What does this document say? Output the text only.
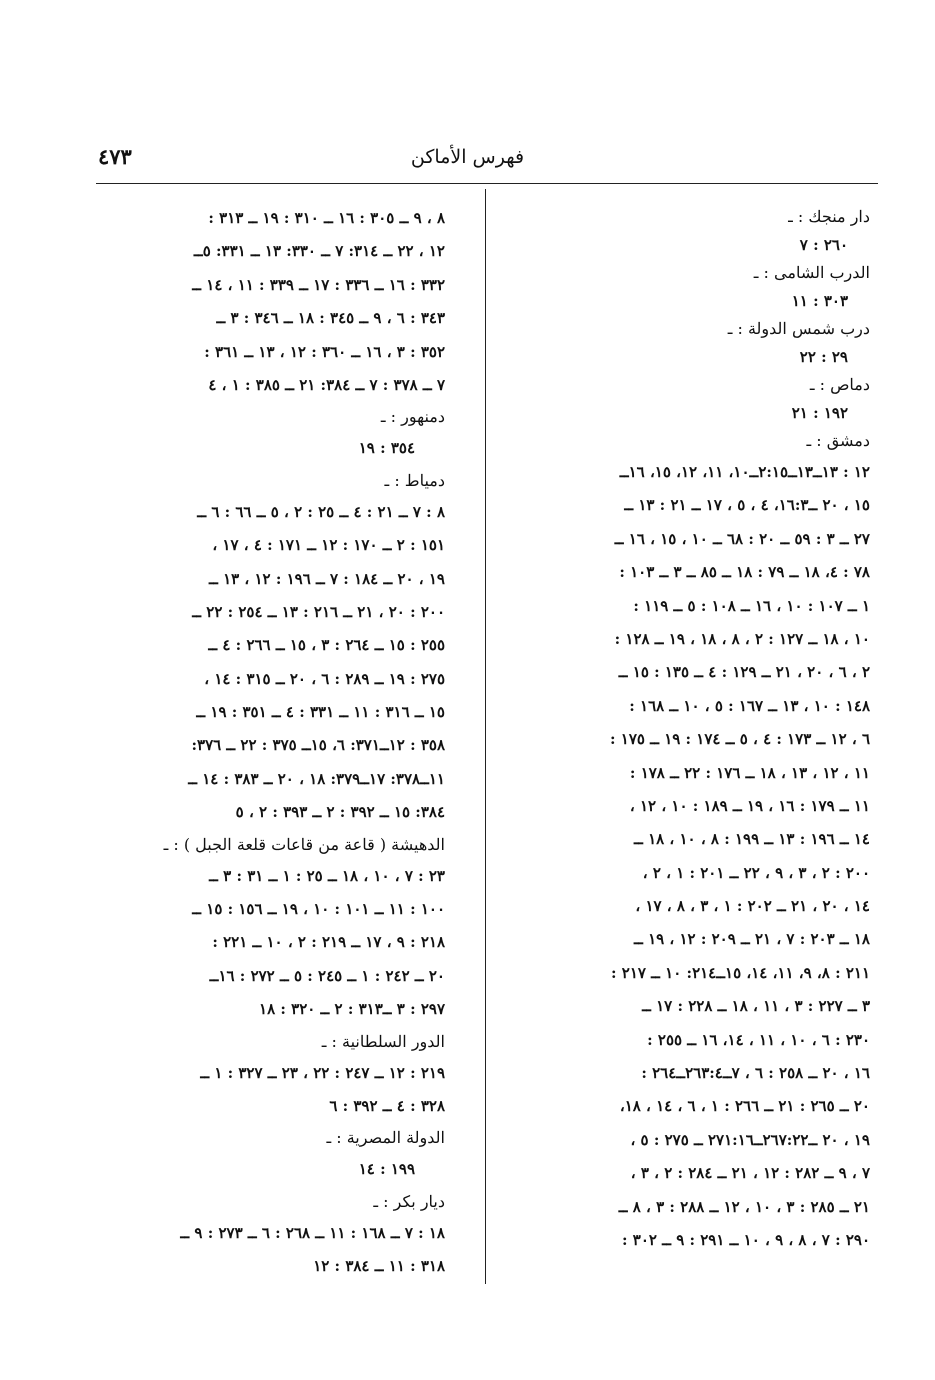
فهرس الأماكن
٤٧٣
دار منجك : ـ
٢٦٠ : ٧
الدرب الشامى : ـ
٣٠٣ : ١١
درب شمس الدولة : ـ
٢٩ : ٢٢
دماص : ـ
١٩٢ : ٢١
دمشق : ـ
١٢ : ١٣ــ١٣ــ٢:١٥ــ١٠، ١١، ١٢، ١٥، ١٦ــ
١٥ ، ٢٠ ــ١٦:٣، ٤ ، ٥ ، ١٧ ــ ٢١ : ١٣ ــ
٢٧ ــ ٣ : ٥٩ ــ ٢٠ : ٦٨ ــ ١٠ ، ١٥ ، ١٦ ــ
٧٨ : ٤، ١٨ ــ ٧٩ : ١٨ ــ ٨٥ ــ ٣ ــ ١٠٣ :
١ ــ ١٠٧ : ١٠ ، ١٦ ــ ١٠٨ : ٥ ــ ١١٩ :
١٠ ، ١٨ ــ ١٢٧ : ٢ ، ٨ ، ١٨ ، ١٩ ــ ١٢٨ :
٢ ، ٦ ، ٢٠ ، ٢١ ــ ١٢٩ : ٤ ــ ١٣٥ : ١٥ ــ
١٤٨ : ١٠ ، ١٣ ــ ١٦٧ : ٥ ، ١٠ ــ ١٦٨ :
٦ ، ١٢ ــ ١٧٣ : ٤ ، ٥ ــ ١٧٤ : ١٩ ــ ١٧٥ :
١١ ، ١٢ ، ١٣ ، ١٨ ــ ١٧٦ : ٢٢ ــ ١٧٨ :
١١ ــ ١٧٩ : ١٦ ، ١٩ ــ ١٨٩ : ١٠ ، ١٢ ،
١٤ ــ ١٩٦ : ١٣ ــ ١٩٩ : ٨ ، ١٠ ، ١٨ ــ
٢٠٠ : ٢ ، ٣ ، ٩ ، ٢٢ ــ ٢٠١ : ١ ، ٢ ،
١٤ ، ٢٠ ، ٢١ ــ ٢٠٢ : ١ ، ٣ ، ٨ ، ١٧ ،
١٨ ــ ٢٠٣ : ٧ ، ٢١ ــ ٢٠٩ : ١٢ ، ١٩ ــ
٢١١ : ٨، ٩، ١١، ١٤، ١٥ــ٢١٤: ١٠ ــ ٢١٧ :
٣ ــ ٢٢٧ : ٣ ، ١١ ، ١٨ ــ ٢٢٨ : ١٧ ــ
٢٣٠ : ٦ ، ١٠ ، ١١ ، ١٤، ١٦ ــ ٢٥٥ :
١٦ ، ٢٠ ــ ٢٥٨ : ٦ ، ٧ــ٢٦٣:٤ــ٢٦٤ :
٢٠ ــ ٢٦٥ : ٢١ ــ ٢٦٦ : ١ ، ٦ ، ١٤ ، ١٨،
١٩ ، ٢٠ ــ٢٦٧:٢٢ــ٢٧١:١٦ ــ ٢٧٥ : ٥ ،
٧ ، ٩ ــ ٢٨٢ : ١٢ ، ٢١ ــ ٢٨٤ : ٢ ، ٣ ،
٢١ ــ ٢٨٥ : ٣ ، ١٠ ، ١٢ ــ ٢٨٨ : ٣ ، ٨ ــ
٢٩٠ : ٧ ، ٨ ، ٩ ، ١٠ ــ ٢٩١ : ٩ ــ ٣٠٢ :
٨ ، ٩ ــ ٣٠٥ : ١٦ ــ ٣١٠ : ١٩ ــ ٣١٣ :
١٢ ، ٢٢ ــ ٣١٤: ٧ ــ ٣٣٠: ١٣ ــ ٣٣١: ٥ــ
٣٣٢ : ١٦ ــ ٣٣٦ : ١٧ ــ ٣٣٩ : ١١ ، ١٤ ــ
٣٤٣ : ٦ ، ٩ ــ ٣٤٥ : ١٨ ــ ٣٤٦ : ٣ ــ
٣٥٢ : ٣ ، ١٦ ــ ٣٦٠ : ١٢ ، ١٣ ــ ٣٦١ :
٧ ــ ٣٧٨ : ٧ ــ ٣٨٤: ٢١ ــ ٣٨٥ : ١ ، ٤
دمنهور : ـ
٣٥٤ : ١٩
دمياط : ـ
٨ : ٧ ــ ٢١ : ٤ ــ ٢٥ : ٢ ، ٥ ــ ٦٦ : ٦ ــ
١٥١ : ٢ ــ ١٧٠ : ١٢ ــ ١٧١ : ٤ ، ١٧ ،
١٩ ، ٢٠ ــ ١٨٤ : ٧ ــ ١٩٦ : ١٢ ، ١٣ ــ
٢٠٠ : ٢٠ ، ٢١ ــ ٢١٦ : ١٣ ــ ٢٥٤ : ٢٢ ــ
٢٥٥ : ١٥ ــ ٢٦٤ : ٣ ، ١٥ ــ ٢٦٦ : ٤ ــ
٢٧٥ : ١٩ ــ ٢٨٩ : ٦ ، ٢٠ ــ ٣١٥ : ١٤ ،
١٥ ــ ٣١٦ : ١١ ــ ٣٣١ : ٤ ــ ٣٥١ : ١٩ ــ
٣٥٨ : ١٢ــ٣٧١: ٦، ١٥ــ ٣٧٥ : ٢٢ ــ ٣٧٦:
١١ــ٣٧٨: ١٧ــ٣٧٩: ١٨ ، ٢٠ ــ ٣٨٣ : ١٤ ــ
٣٨٤: ١٥ ــ ٣٩٢ : ٢ ــ ٣٩٣ : ٢ ، ٥
الدهيشة ( قاعة من قاعات قلعة الجبل ) : ـ
٢٣ : ٧ ، ١٠ ، ١٨ ــ ٢٥ : ١ ــ ٣١ : ٣ ــ
١٠٠ : ١١ ــ ١٠١ : ١٠ ، ١٩ ــ ١٥٦ : ١٥ ــ
٢١٨ : ٩ ، ١٧ ــ ٢١٩ : ٢ ، ١٠ ــ ٢٢١ :
٢٠ ــ ٢٤٢ : ١ ــ ٢٤٥ : ٥ ــ ٢٧٢ : ١٦ــ
٢٩٧ : ٣ ــ٣١٣ : ٢ ــ ٣٢٠ : ١٨
الدور السلطانية : ـ
٢١٩ : ١٢ ــ ٢٤٧ : ٢٢ ، ٢٣ ــ ٣٢٧ : ١ ــ
٣٢٨ : ٤ ــ ٣٩٢ : ٦
الدولة المصرية : ـ
١٩٩ : ١٤
ديار بكر : ـ
١٨ : ٧ ــ ١٦٨ : ١١ ــ ٢٦٨ : ٦ ــ ٢٧٣ : ٩ ــ
٣١٨ : ١١ ــ ٣٨٤ : ١٢
